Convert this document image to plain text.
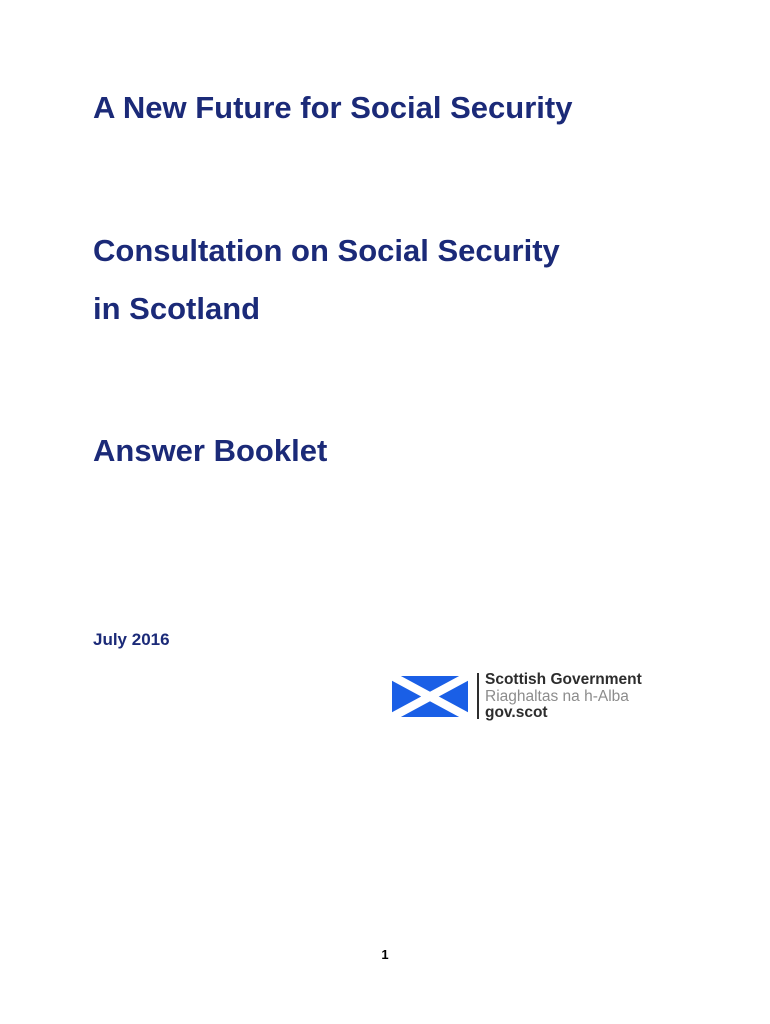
A New Future for Social Security
Consultation on Social Security
in Scotland
Answer Booklet

July 2016

Scottish Government
Riaghaltas na h-Alba
gov.scot
1
